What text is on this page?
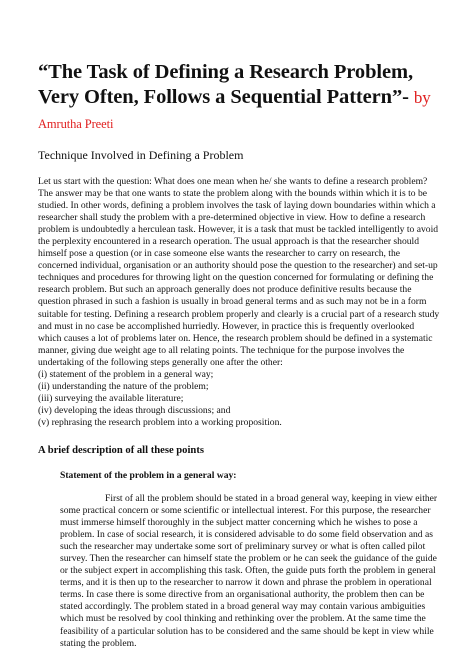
“The Task of Defining a Research Problem, Very Often, Follows a Sequential Pattern”- by Amrutha Preeti
Technique Involved in Defining a Problem

Let us start with the question: What does one mean when he/ she wants to define a research problem? The answer may be that one wants to state the problem along with the bounds within which it is to be studied. In other words, defining a problem involves the task of laying down boundaries within which a researcher shall study the problem with a pre-determined objective in view. How to define a research problem is undoubtedly a herculean task. However, it is a task that must be tackled intelligently to avoid the perplexity encountered in a research operation. The usual approach is that the researcher should himself pose a question (or in case someone else wants the researcher to carry on research, the concerned individual, organisation or an authority should pose the question to the researcher) and set-up techniques and procedures for throwing light on the question concerned for formulating or defining the research problem. But such an approach generally does not produce definitive results because the question phrased in such a fashion is usually in broad general terms and as such may not be in a form suitable for testing. Defining a research problem properly and clearly is a crucial part of a research study and must in no case be accomplished hurriedly. However, in practice this is frequently overlooked which causes a lot of problems later on. Hence, the research problem should be defined in a systematic manner, giving due weight age to all relating points. The technique for the purpose involves the undertaking of the following steps generally one after the other:

(i) statement of the problem in a general way;
(ii) understanding the nature of the problem;
(iii) surveying the available literature;
(iv) developing the ideas through discussions; and
(v) rephrasing the research problem into a working proposition.
A brief description of all these points
Statement of the problem in a general way:

First of all the problem should be stated in a broad general way, keeping in view either some practical concern or some scientific or intellectual interest. For this purpose, the researcher must immerse himself thoroughly in the subject matter concerning which he wishes to pose a problem. In case of social research, it is considered advisable to do some field observation and as such the researcher may undertake some sort of preliminary survey or what is often called pilot survey. Then the researcher can himself state the problem or he can seek the guidance of the guide or the subject expert in accomplishing this task. Often, the guide puts forth the problem in general terms, and it is then up to the researcher to narrow it down and phrase the problem in operational terms. In case there is some directive from an organisational authority, the problem then can be stated accordingly. The problem stated in a broad general way may contain various ambiguities which must be resolved by cool thinking and rethinking over the problem. At the same time the feasibility of a particular solution has to be considered and the same should be kept in view while stating the problem.
